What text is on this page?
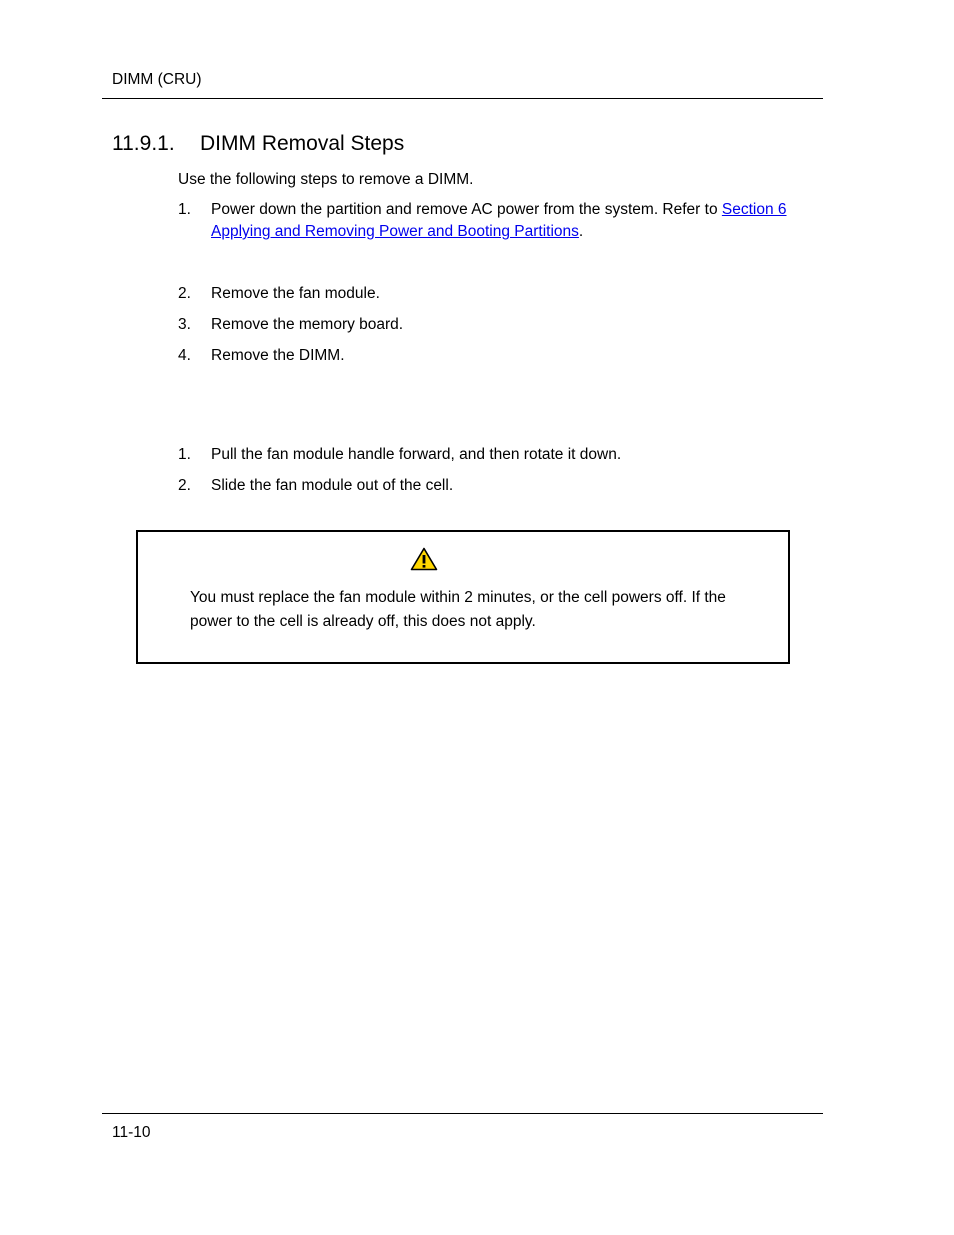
DIMM (CRU)
11.9.1. DIMM Removal Steps
Use the following steps to remove a DIMM.
1. Power down the partition and remove AC power from the system. Refer to Section 6 Applying and Removing Power and Booting Partitions.
2. Remove the fan module.
3. Remove the memory board.
4. Remove the DIMM.
1. Pull the fan module handle forward, and then rotate it down.
2. Slide the fan module out of the cell.
You must replace the fan module within 2 minutes, or the cell powers off. If the power to the cell is already off, this does not apply.
11-10
